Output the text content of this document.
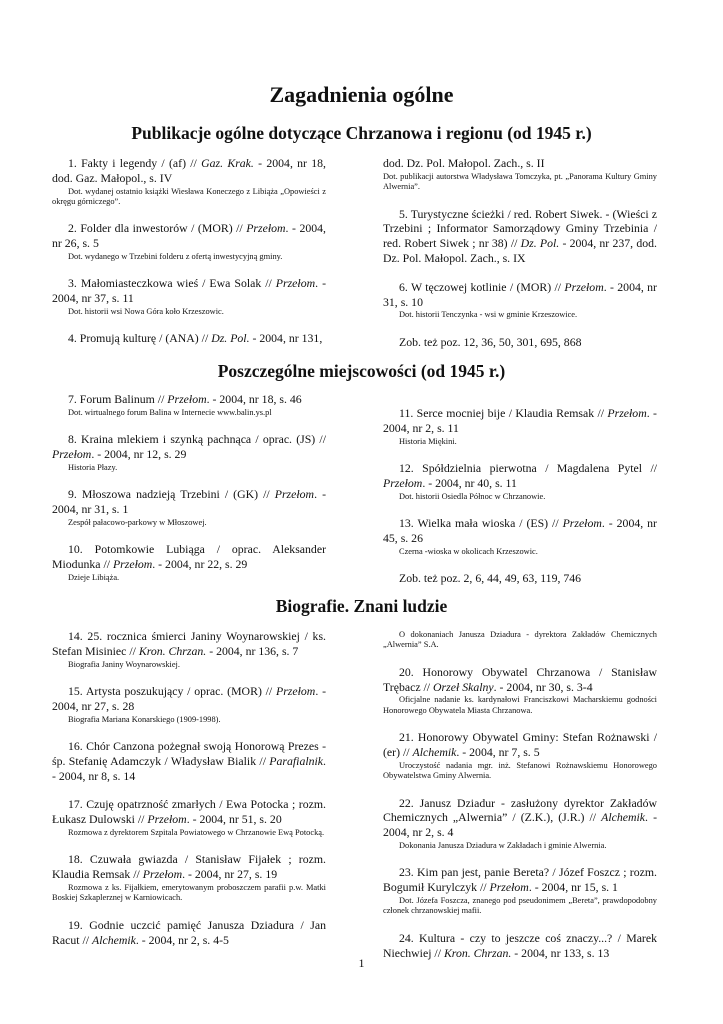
Zagadnienia ogólne
Publikacje ogólne dotyczące Chrzanowa i regionu (od 1945 r.)

1. Fakty i legendy / (af) // Gaz. Krak. - 2004, nr 18, dod. Gaz. Małopol., s. IV

Dot. wydanej ostatnio książki Wiesława Koneczego z Libiąża „Opowieści z okręgu górniczego”.

2. Folder dla inwestorów / (MOR) // Przełom. - 2004, nr 26, s. 5

Dot. wydanego w Trzebini folderu z ofertą inwestycyjną gminy.

3. Małomiasteczkowa wieś / Ewa Solak // Przełom. - 2004, nr 37, s. 11

Dot. historii wsi Nowa Góra koło Krzeszowic.

4. Promują kulturę / (ANA) // Dz. Pol. - 2004, nr 131,

dod. Dz. Pol. Małopol. Zach., s. II

Dot. publikacji autorstwa Władysława Tomczyka, pt. „Panorama Kultury Gminy Alwernia”.

5. Turystyczne ścieżki / red. Robert Siwek. - (Wieści z Trzebini ; Informator Samorządowy Gminy Trzebinia / red. Robert Siwek ; nr 38) // Dz. Pol. - 2004, nr 237, dod. Dz. Pol. Małopol. Zach., s. IX

6. W tęczowej kotlinie / (MOR) // Przełom. - 2004, nr 31, s. 10

Dot. historii Tenczynka - wsi w gminie Krzeszowice.

Zob. też poz. 12, 36, 50, 301, 695, 868

Poszczególne miejscowości (od 1945 r.)

7. Forum Balinum // Przełom. - 2004, nr 18, s. 46

Dot. wirtualnego forum Balina w Internecie www.balin.ys.pl

8. Kraina mlekiem i szynką pachnąca / oprac. (JS) // Przełom. - 2004, nr 12, s. 29

Historia Płazy.

9. Młoszowa nadzieją Trzebini / (GK) // Przełom. - 2004, nr 31, s. 1

Zespół pałacowo-parkowy w Młoszowej.

10. Potomkowie Lubiąga / oprac. Aleksander Miodunka // Przełom. - 2004, nr 22, s. 29

Dzieje Libiąża.

11. Serce mocniej bije / Klaudia Remsak // Przełom. - 2004, nr 2, s. 11

Historia Miękini.

12. Spółdzielnia pierwotna / Magdalena Pytel // Przełom. - 2004, nr 40, s. 11

Dot. historii Osiedla Północ w Chrzanowie.

13. Wielka mała wioska / (ES) // Przełom. - 2004, nr 45, s. 26

Czerna -wioska w okolicach Krzeszowic.

Zob. też poz. 2, 6, 44, 49, 63, 119, 746

Biografie. Znani ludzie

14. 25. rocznica śmierci Janiny Woynarowskiej / ks. Stefan Misiniec // Kron. Chrzan. - 2004, nr 136, s. 7

Biografia Janiny Woynarowskiej.

15. Artysta poszukujący / oprac. (MOR) // Przełom. - 2004, nr 27, s. 28

Biografia Mariana Konarskiego (1909-1998).

16. Chór Canzona pożegnał swoją Honorową Prezes - śp. Stefanię Adamczyk / Władysław Bialik // Parafialnik. - 2004, nr 8, s. 14

17. Czuję opatrzność zmarłych / Ewa Potocka ; rozm. Łukasz Dulowski // Przełom. - 2004, nr 51, s. 20

Rozmowa z dyrektorem Szpitala Powiatowego w Chrzanowie Ewą Potocką.

18. Czuwała gwiazda / Stanisław Fijałek ; rozm. Klaudia Remsak // Przełom. - 2004, nr 27, s. 19

Rozmowa z ks. Fijałkiem, emerytowanym proboszczem parafii p.w. Matki Boskiej Szkaplerznej w Karniowicach.

19. Godnie uczcić pamięć Janusza Dziadura / Jan Racut // Alchemik. - 2004, nr 2, s. 4-5

O dokonaniach Janusza Dziadura - dyrektora Zakładów Chemicznych „Alwernia” S.A.

20. Honorowy Obywatel Chrzanowa / Stanisław Trębacz // Orzeł Skalny. - 2004, nr 30, s. 3-4

Oficjalne nadanie ks. kardynałowi Franciszkowi Macharskiemu godności Honorowego Obywatela Miasta Chrzanowa.

21. Honorowy Obywatel Gminy: Stefan Rożnawski / (er) // Alchemik. - 2004, nr 7, s. 5

Uroczystość nadania mgr. inż. Stefanowi Rożnawskiemu Honorowego Obywatelstwa Gminy Alwernia.

22. Janusz Dziadur - zasłużony dyrektor Zakładów Chemicznych „Alwernia” / (Z.K.), (J.R.) // Alchemik. - 2004, nr 2, s. 4

Dokonania Janusza Dziadura w Zakładach i gminie Alwernia.

23. Kim pan jest, panie Bereta? / Józef Foszcz ; rozm. Bogumił Kurylczyk // Przełom. - 2004, nr 15, s. 1

Dot. Józefa Foszcza, znanego pod pseudonimem „Bereta”, prawdopodobny członek chrzanowskiej mafii.

24. Kultura - czy to jeszcze coś znaczy...? / Marek Niechwiej // Kron. Chrzan. - 2004, nr 133, s. 13

1
